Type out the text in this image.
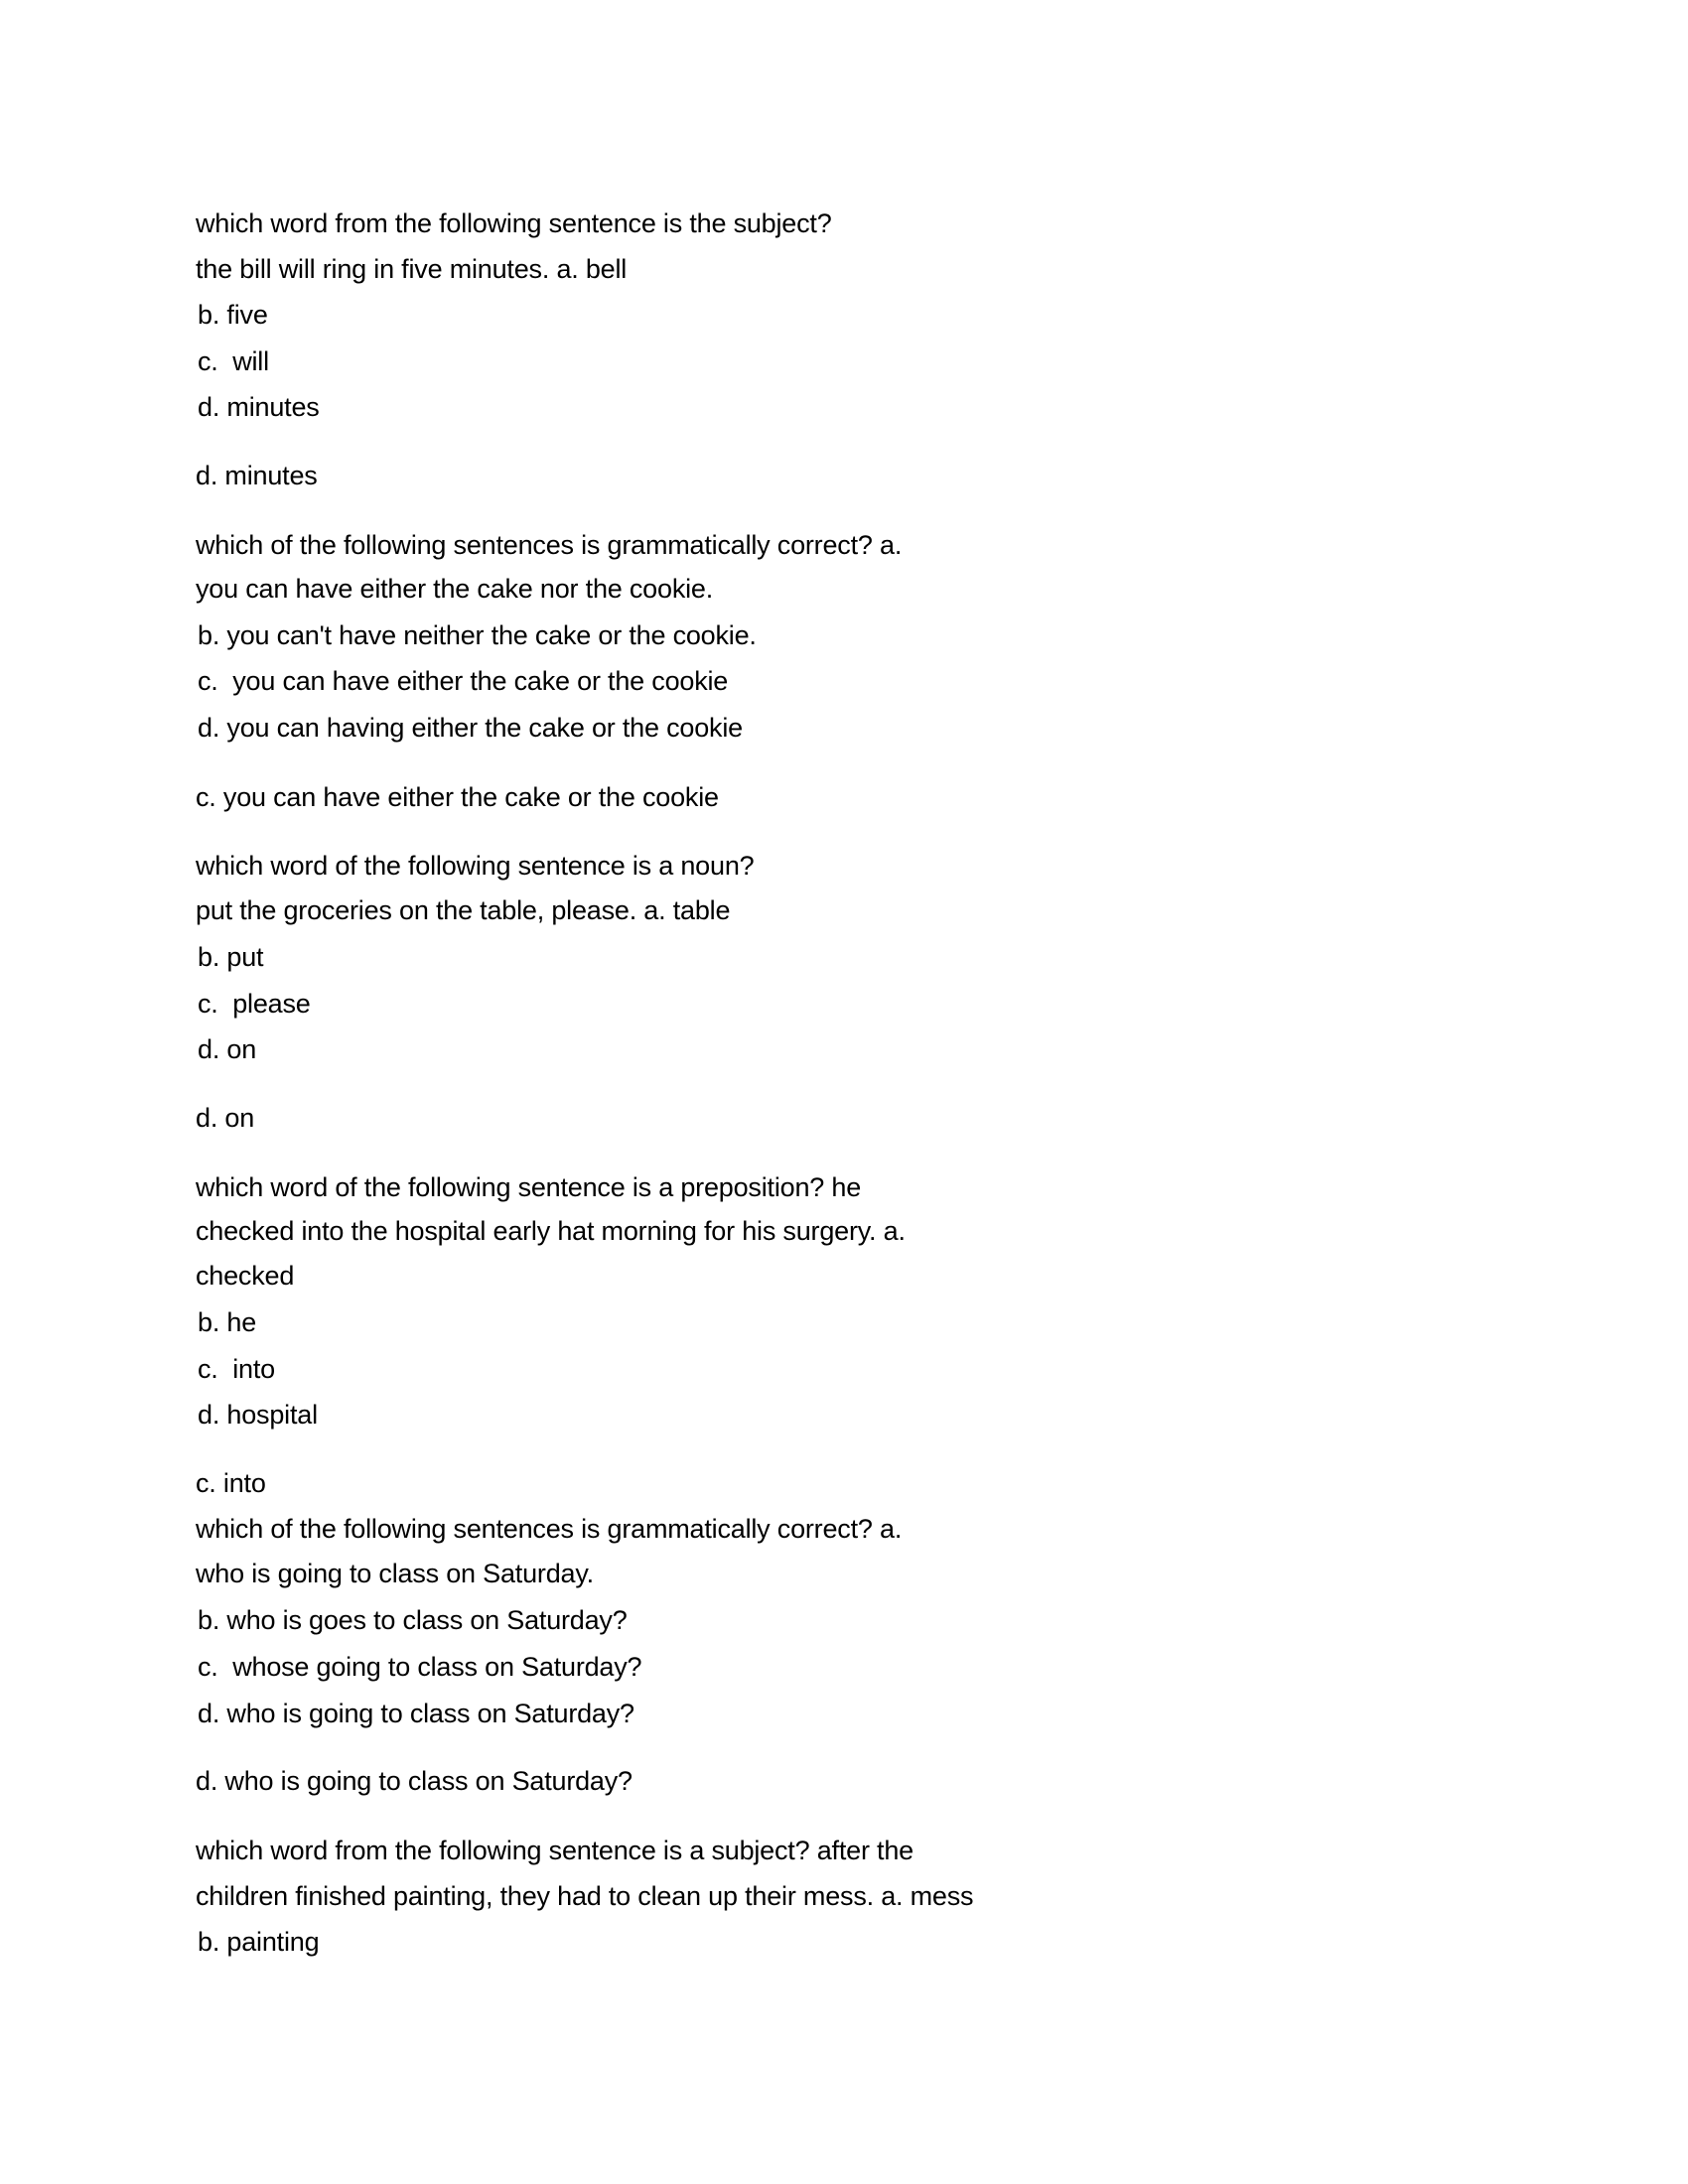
which word from the following sentence is the subject?
the bill will ring in five minutes. a. bell
b. five
c.  will
d. minutes
d. minutes
which of the following sentences is grammatically correct? a.
you can have either the cake nor the cookie.
b. you can't have neither the cake or the cookie.
c.  you can have either the cake or the cookie
d. you can having either the cake or the cookie
c. you can have either the cake or the cookie
which word of the following sentence is a noun?
put the groceries on the table, please. a. table
b. put
c.  please
d. on
d. on
which word of the following sentence is a preposition? he
checked into the hospital early hat morning for his surgery. a.
checked
b. he
c.  into
d. hospital
c. into
which of the following sentences is grammatically correct? a.
who is going to class on Saturday.
b. who is goes to class on Saturday?
c.  whose going to class on Saturday?
d. who is going to class on Saturday?
d. who is going to class on Saturday?
which word from the following sentence is a subject? after the
children finished painting, they had to clean up their mess. a. mess
b. painting
